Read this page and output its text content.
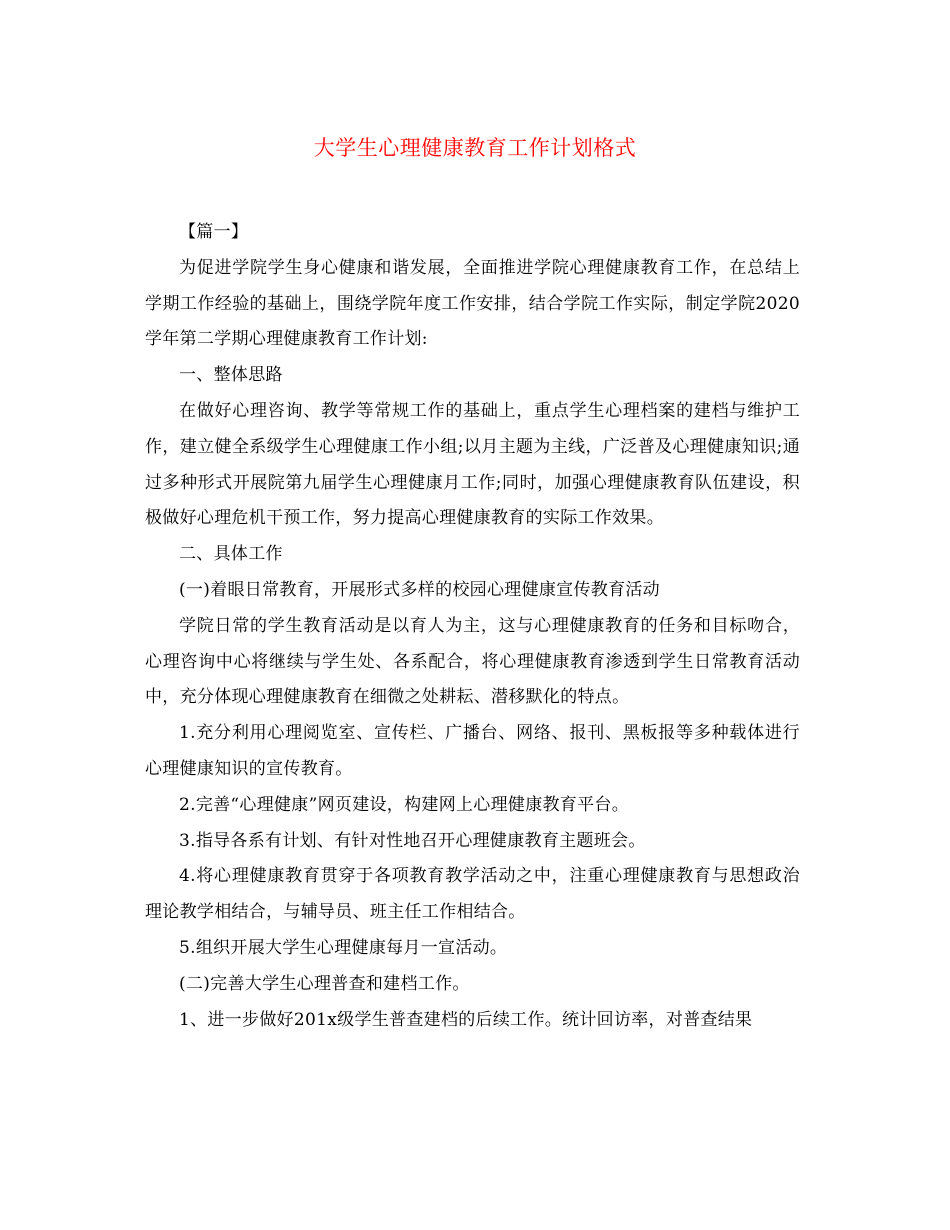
大学生心理健康教育工作计划格式

【篇一】

为促进学院学生身心健康和谐发展，全面推进学院心理健康教育工作，在总结上学期工作经验的基础上，围绕学院年度工作安排，结合学院工作实际，制定学院2020学年第二学期心理健康教育工作计划:

一、整体思路

在做好心理咨询、教学等常规工作的基础上，重点学生心理档案的建档与维护工作，建立健全系级学生心理健康工作小组;以月主题为主线，广泛普及心理健康知识;通过多种形式开展院第九届学生心理健康月工作;同时，加强心理健康教育队伍建设，积极做好心理危机干预工作，努力提高心理健康教育的实际工作效果。

二、具体工作

(一)着眼日常教育，开展形式多样的校园心理健康宣传教育活动

学院日常的学生教育活动是以育人为主，这与心理健康教育的任务和目标吻合，心理咨询中心将继续与学生处、各系配合，将心理健康教育渗透到学生日常教育活动中，充分体现心理健康教育在细微之处耕耘、潜移默化的特点。

1.充分利用心理阅览室、宣传栏、广播台、网络、报刊、黑板报等多种载体进行心理健康知识的宣传教育。

2.完善“心理健康”网页建设，构建网上心理健康教育平台。

3.指导各系有计划、有针对性地召开心理健康教育主题班会。

4.将心理健康教育贯穿于各项教育教学活动之中，注重心理健康教育与思想政治理论教学相结合，与辅导员、班主任工作相结合。

5.组织开展大学生心理健康每月一宣活动。

(二)完善大学生心理普查和建档工作。

1、进一步做好201x级学生普查建档的后续工作。统计回访率，对普查结果
